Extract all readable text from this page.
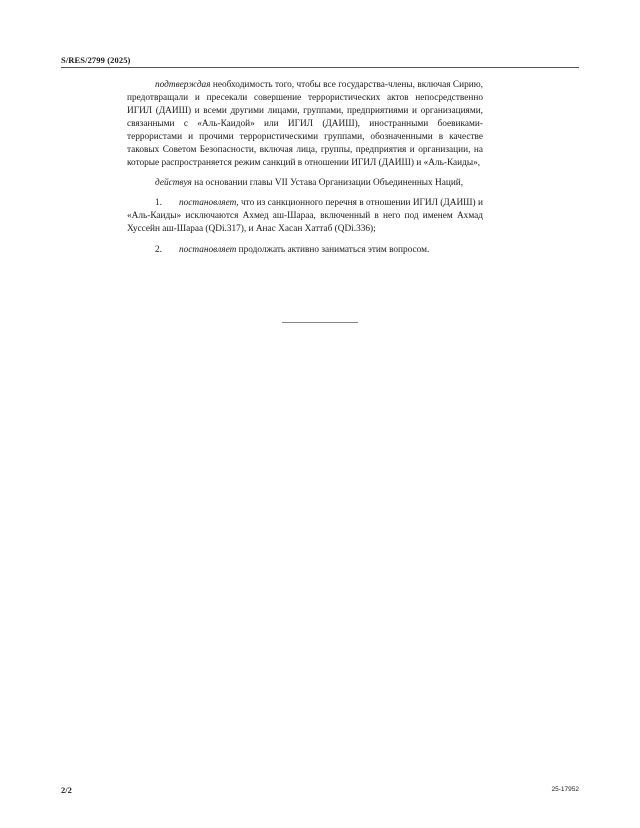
S/RES/2799 (2025)

подтверждая необходимость того, чтобы все государства-члены, включая Сирию, предотвращали и пресекали совершение террористических актов непосредственно ИГИЛ (ДАИШ) и всеми другими лицами, группами, предприятиями и организациями, связанными с «Аль-Каидой» или ИГИЛ (ДАИШ), иностранными боевиками-террористами и прочими террористическими группами, обозначенными в качестве таковых Советом Безопасности, включая лица, группы, предприятия и организации, на которые распространяется режим санкций в отношении ИГИЛ (ДАИШ) и «Аль-Каиды»,

действуя на основании главы VII Устава Организации Объединенных Наций,

1. постановляет, что из санкционного перечня в отношении ИГИЛ (ДАИШ) и «Аль-Каиды» исключаются Ахмед аш-Шараа, включенный в него под именем Ахмад Хуссейн аш-Шараа (QDi.317), и Анас Хасан Хаттаб (QDi.336);

2. постановляет продолжать активно заниматься этим вопросом.

2/2	25-17952
